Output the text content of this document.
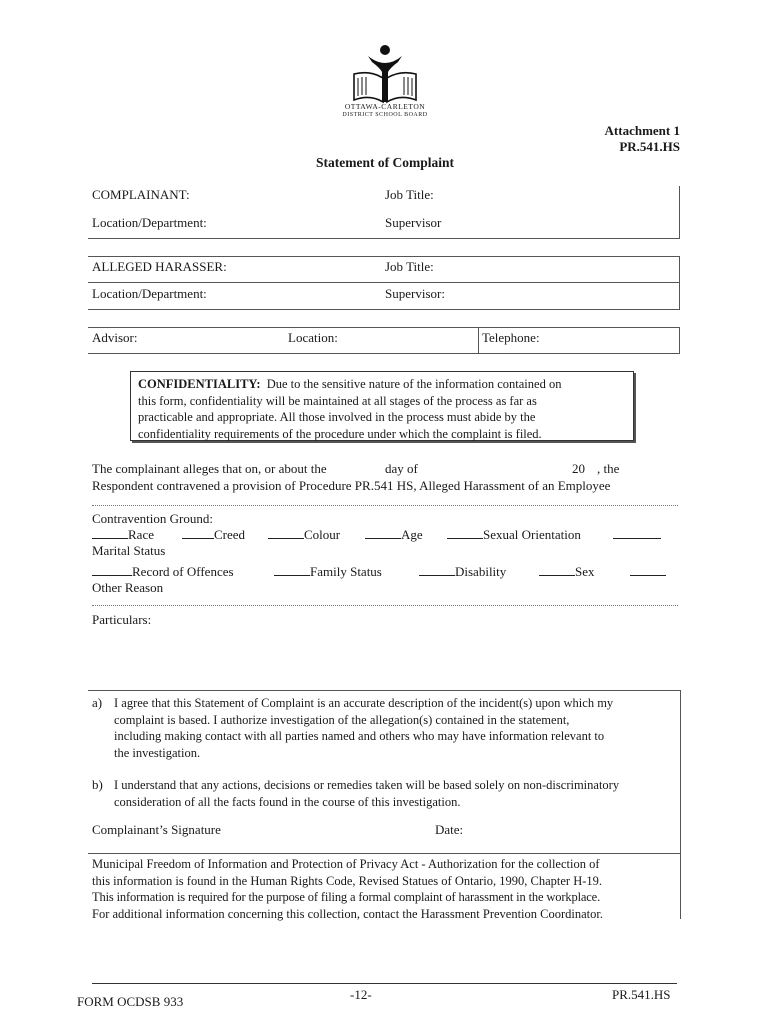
OTTAWA-CARLETON
DISTRICT SCHOOL BOARD
Attachment 1
PR.541.HS
Statement of Complaint
COMPLAINANT:	Job Title:
Location/Department:	Supervisor
ALLEGED HARASSER:	Job Title:
Location/Department:	Supervisor:
Advisor:	Location:	Telephone:
CONFIDENTIALITY: Due to the sensitive nature of the information contained on
this form, confidentiality will be maintained at all stages of the process as far as
practicable and appropriate. All those involved in the process must abide by the
confidentiality requirements of the procedure under which the complaint is filed.
The complainant alleges that on, or about the	day of	20 , the
Respondent contravened a provision of Procedure PR.541 HS, Alleged Harassment of an Employee
Contravention Ground:
Race	Creed	Colour	Age	Sexual Orientation
Marital Status
Record of Offences	Family Status	Disability	Sex
Other Reason
Particulars:
a) I agree that this Statement of Complaint is an accurate description of the incident(s) upon which my
complaint is based. I authorize investigation of the allegation(s) contained in the statement,
including making contact with all parties named and others who may have information relevant to
the investigation.
b) I understand that any actions, decisions or remedies taken will be based solely on non-discriminatory
consideration of all the facts found in the course of this investigation.
Complainant’s Signature	Date:
Municipal Freedom of Information and Protection of Privacy Act - Authorization for the collection of
this information is found in the Human Rights Code, Revised Statues of Ontario, 1990, Chapter H-19.
This information is required for the purpose of filing a formal complaint of harassment in the workplace.
For additional information concerning this collection, contact the Harassment Prevention Coordinator.
FORM OCDSB 933	-12-	PR.541.HS
